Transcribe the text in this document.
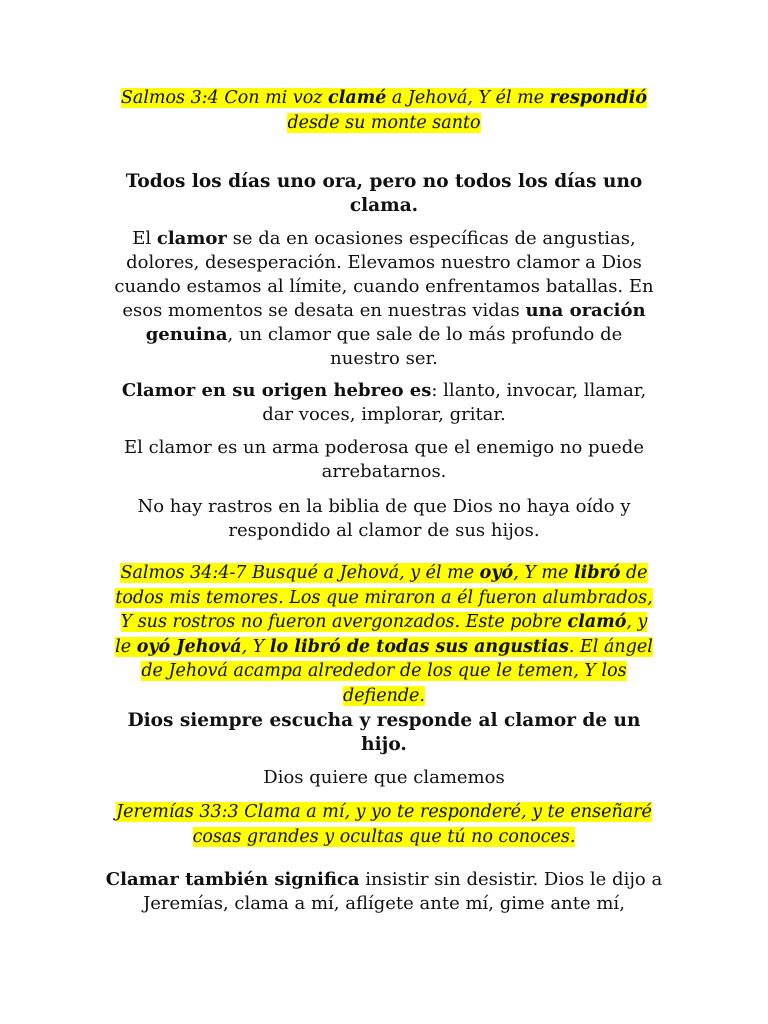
Salmos 3:4 Con mi voz clamé a Jehová, Y él me respondió desde su monte santo
Todos los días uno ora, pero no todos los días uno clama.
El clamor se da en ocasiones específicas de angustias, dolores, desesperación. Elevamos nuestro clamor a Dios cuando estamos al límite, cuando enfrentamos batallas. En esos momentos se desata en nuestras vidas una oración genuina, un clamor que sale de lo más profundo de nuestro ser.
Clamor en su origen hebreo es: llanto, invocar, llamar, dar voces, implorar, gritar.
El clamor es un arma poderosa que el enemigo no puede arrebatarnos.
No hay rastros en la biblia de que Dios no haya oído y respondido al clamor de sus hijos.
Salmos 34:4-7 Busqué a Jehová, y él me oyó, Y me libró de todos mis temores. Los que miraron a él fueron alumbrados, Y sus rostros no fueron avergonzados. Este pobre clamó, y le oyó Jehová, Y lo libró de todas sus angustias. El ángel de Jehová acampa alrededor de los que le temen, Y los defiende.
Dios siempre escucha y responde al clamor de un hijo.
Dios quiere que clamemos
Jeremías 33:3 Clama a mí, y yo te responderé, y te enseñaré cosas grandes y ocultas que tú no conoces.
Clamar también significa insistir sin desistir. Dios le dijo a Jeremías, clama a mí, aflígete ante mí, gime ante mí,
